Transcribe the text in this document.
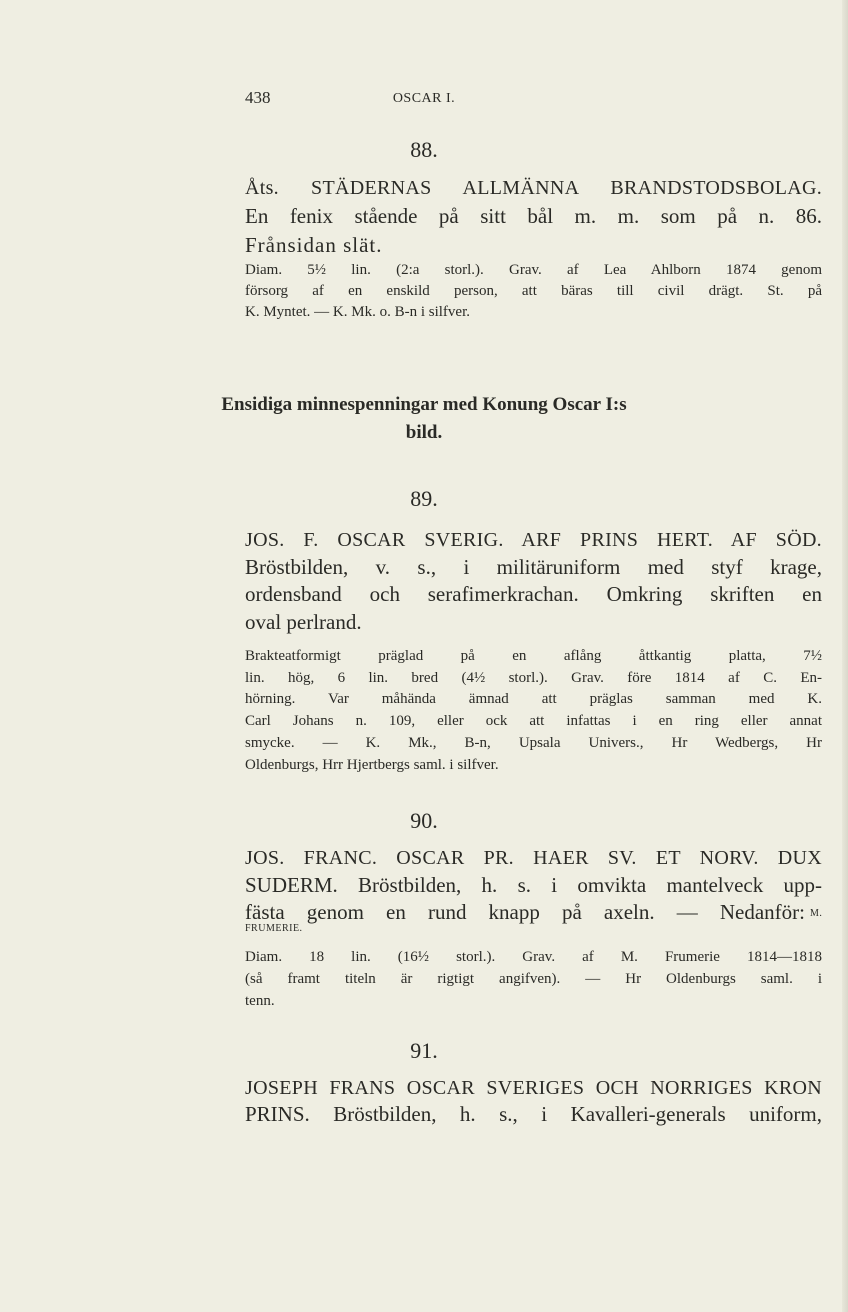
438	OSCAR I.
88.
Åts. STÄDERNAS ALLMÄNNA BRANDSTODSBOLAG.
En fenix stående på sitt bål m. m. som på n. 86.
Frånsidan slät.
Diam. 5½ lin. (2:a storl.). Grav. af Lea Ahlborn 1874 genom
försorg af en enskild person, att bäras till civil drägt. St. på
K. Myntet. — K. Mk. o. B-n i silfver.
Ensidiga minnespenningar med Konung Oscar I:s
bild.
89.
JOS. F. OSCAR SVERIG. ARF PRINS HERT. AF SÖD.
Bröstbilden, v. s., i militäruniform med styf krage,
ordensband och serafimerkrachan. Omkring skriften en
oval perlrand.
Brakteatformigt präglad på en aflång åttkantig platta, 7½
lin. hög, 6 lin. bred (4½ storl.). Grav. före 1814 af C. En-
hörning. Var måhända ämnad att präglas samman med K.
Carl Johans n. 109, eller ock att infattas i en ring eller annat
smycke. — K. Mk., B-n, Upsala Univers., Hr Wedbergs, Hr
Oldenburgs, Hrr Hjertbergs saml. i silfver.
90.
JOS. FRANC. OSCAR PR. HAER SV. ET NORV. DUX
SUDERM. Bröstbilden, h. s. i omvikta mantelveck upp-
fästa genom en rund knapp på axeln. — Nedanför: M.
FRUMERIE.
Diam. 18 lin. (16½ storl.). Grav. af M. Frumerie 1814—1818
(så framt titeln är rigtigt angifven). — Hr Oldenburgs saml. i
tenn.
91.
JOSEPH FRANS OSCAR SVERIGES OCH NORRIGES KRON
PRINS. Bröstbilden, h. s., i Kavalleri-generals uniform,
